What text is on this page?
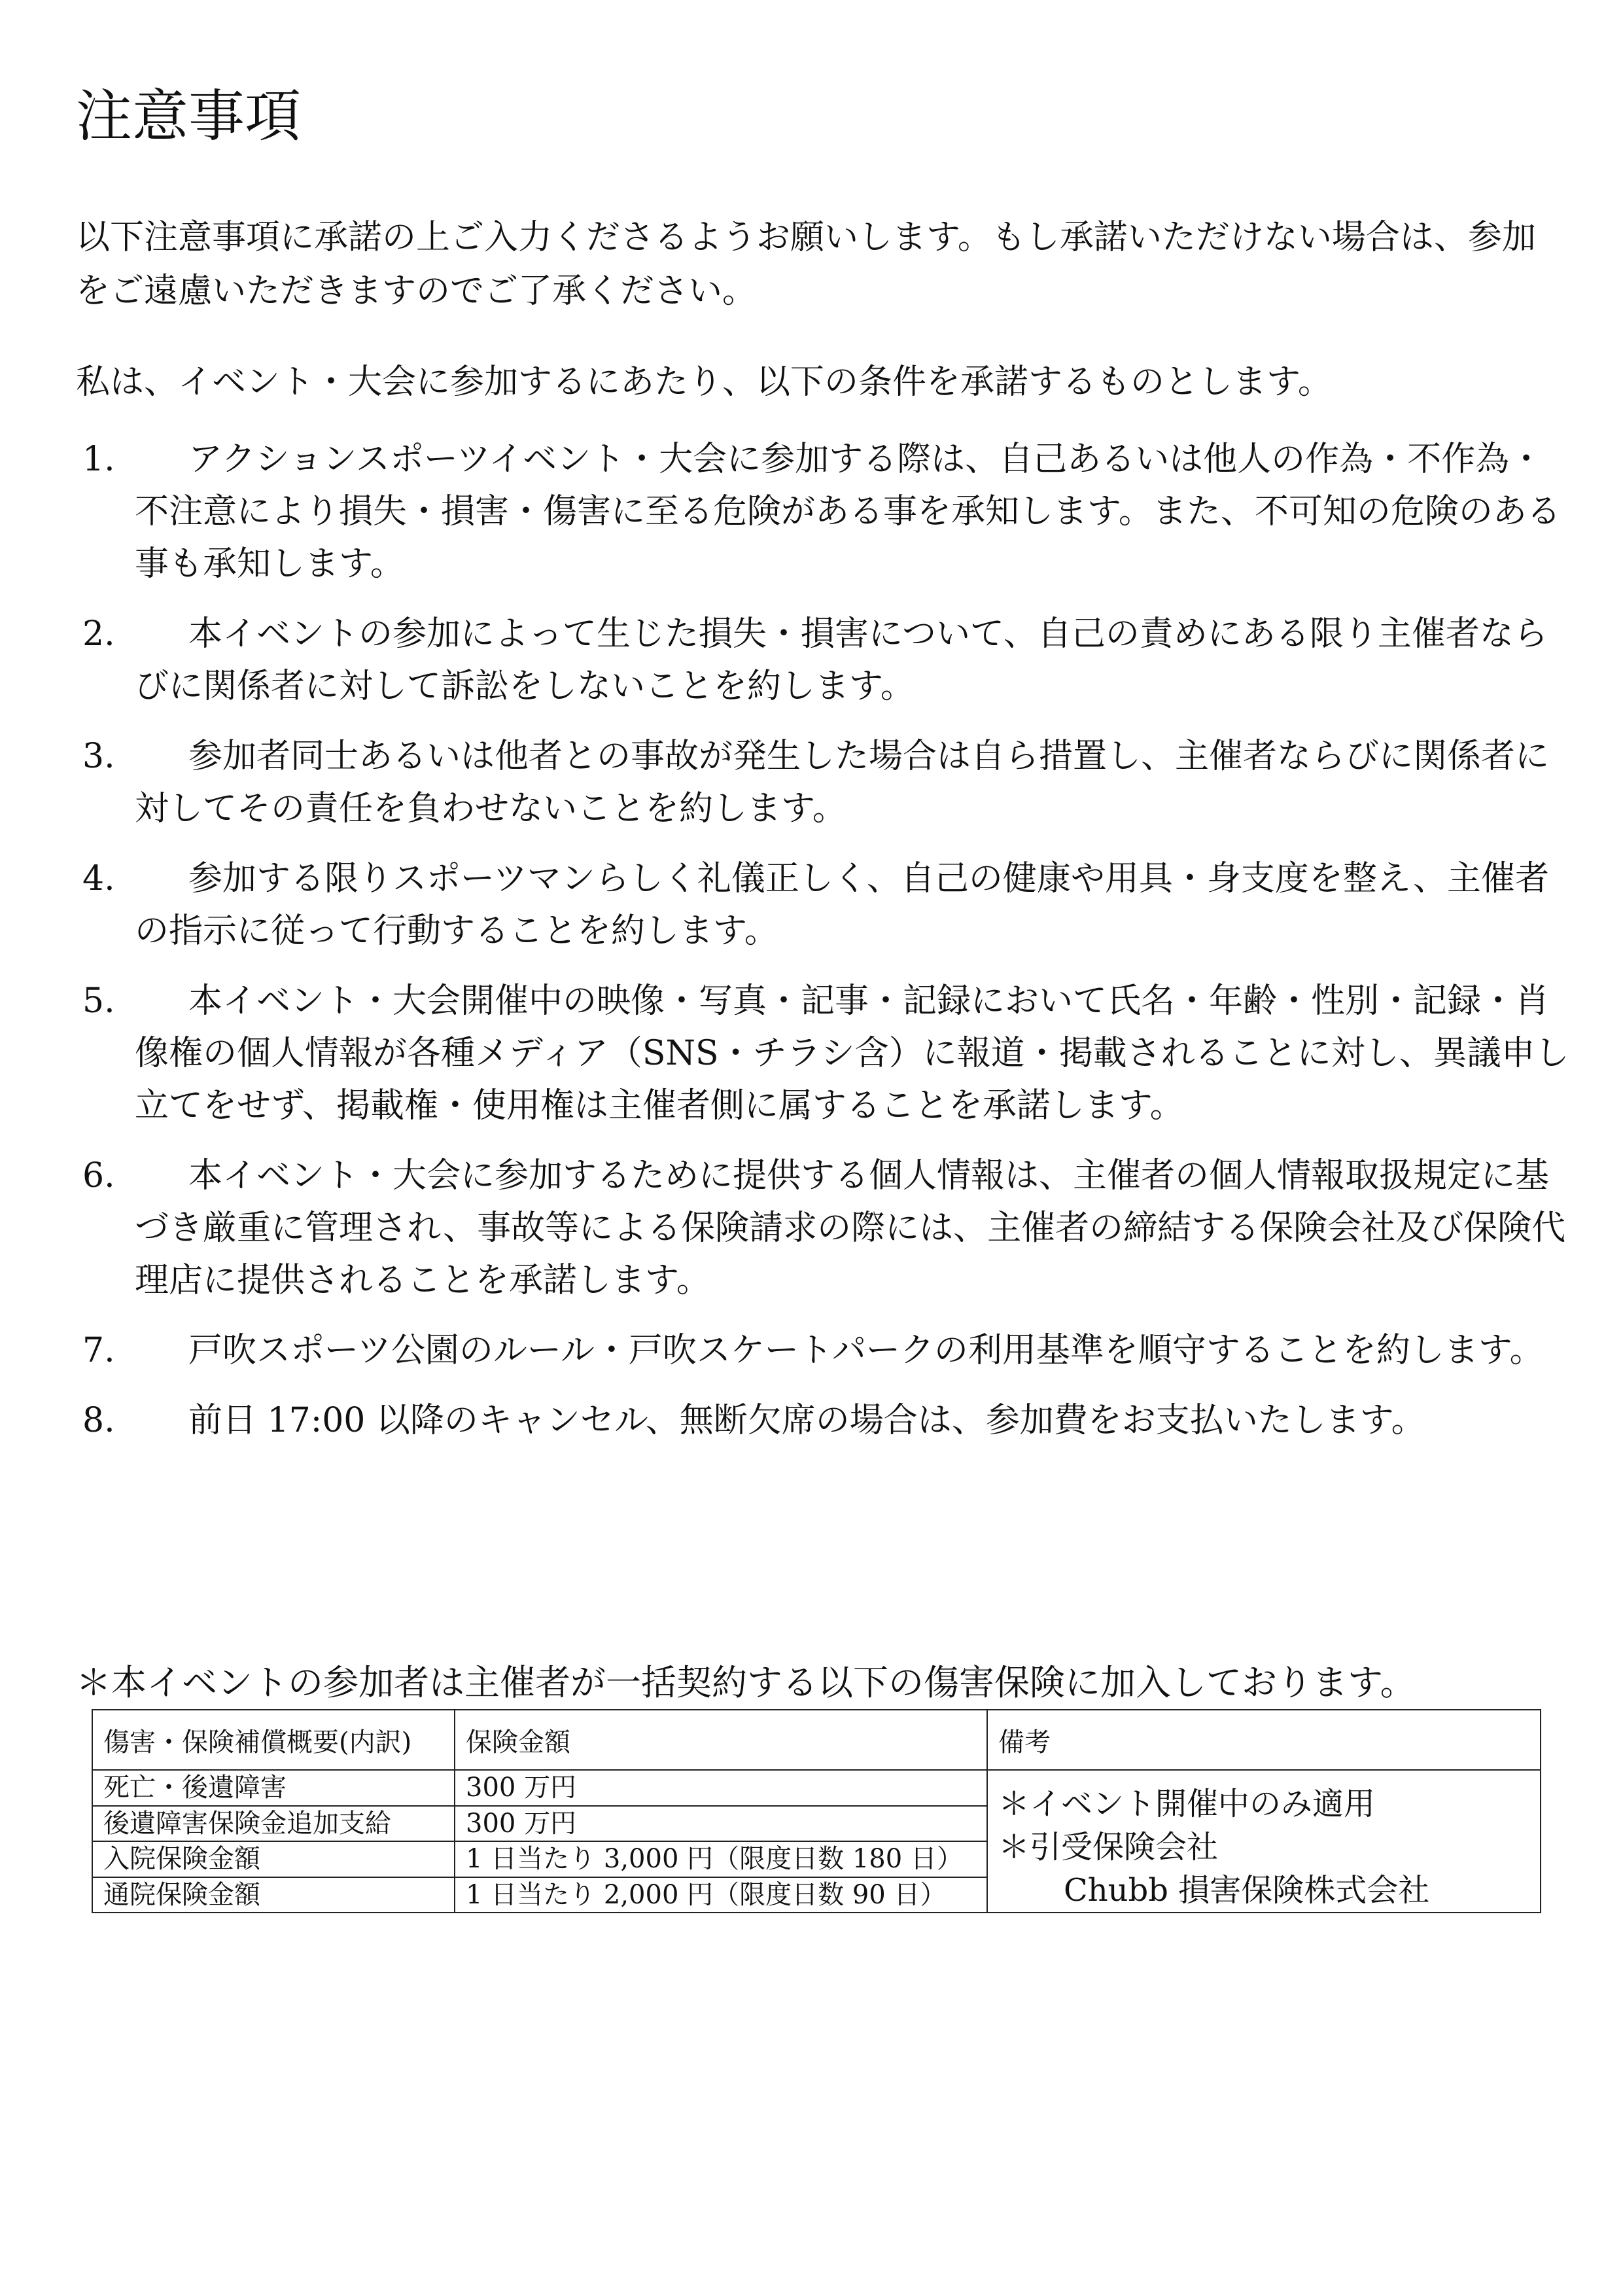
注意事項
以下注意事項に承諾の上ご入力くださるようお願いします。もし承諾いただけない場合は、参加をご遠慮いただきますのでご了承ください。
私は、イベント・大会に参加するにあたり、以下の条件を承諾するものとします。
1.	アクションスポーツイベント・大会に参加する際は、自己あるいは他人の作為・不作為・不注意により損失・損害・傷害に至る危険がある事を承知します。また、不可知の危険のある事も承知します。
2.	本イベントの参加によって生じた損失・損害について、自己の責めにある限り主催者ならびに関係者に対して訴訟をしないことを約します。
3.	参加者同士あるいは他者との事故が発生した場合は自ら措置し、主催者ならびに関係者に対してその責任を負わせないことを約します。
4.	参加する限りスポーツマンらしく礼儀正しく、自己の健康や用具・身支度を整え、主催者の指示に従って行動することを約します。
5.	本イベント・大会開催中の映像・写真・記事・記録において氏名・年齢・性別・記録・肖像権の個人情報が各種メディア（SNS・チラシ含）に報道・掲載されることに対し、異議申し立てをせず、掲載権・使用権は主催者側に属することを承諾します。
6.	本イベント・大会に参加するために提供する個人情報は、主催者の個人情報取扱規定に基づき厳重に管理され、事故等による保険請求の際には、主催者の締結する保険会社及び保険代理店に提供されることを承諾します。
7.	戸吹スポーツ公園のルール・戸吹スケートパークの利用基準を順守することを約します。
8.	前日 17:00 以降のキャンセル、無断欠席の場合は、参加費をお支払いたします。
＊本イベントの参加者は主催者が一括契約する以下の傷害保険に加入しております。
傷害・保険補償概要(内訳)	保険金額	備考
死亡・後遺障害	300 万円	＊イベント開催中のみ適用
＊引受保険会社
Chubb 損害保険株式会社

後遺障害保険金追加支給	300 万円	
入院保険金額	1 日当たり 3,000 円（限度日数 180 日）	
通院保険金額	1 日当たり 2,000 円（限度日数 90 日）	
